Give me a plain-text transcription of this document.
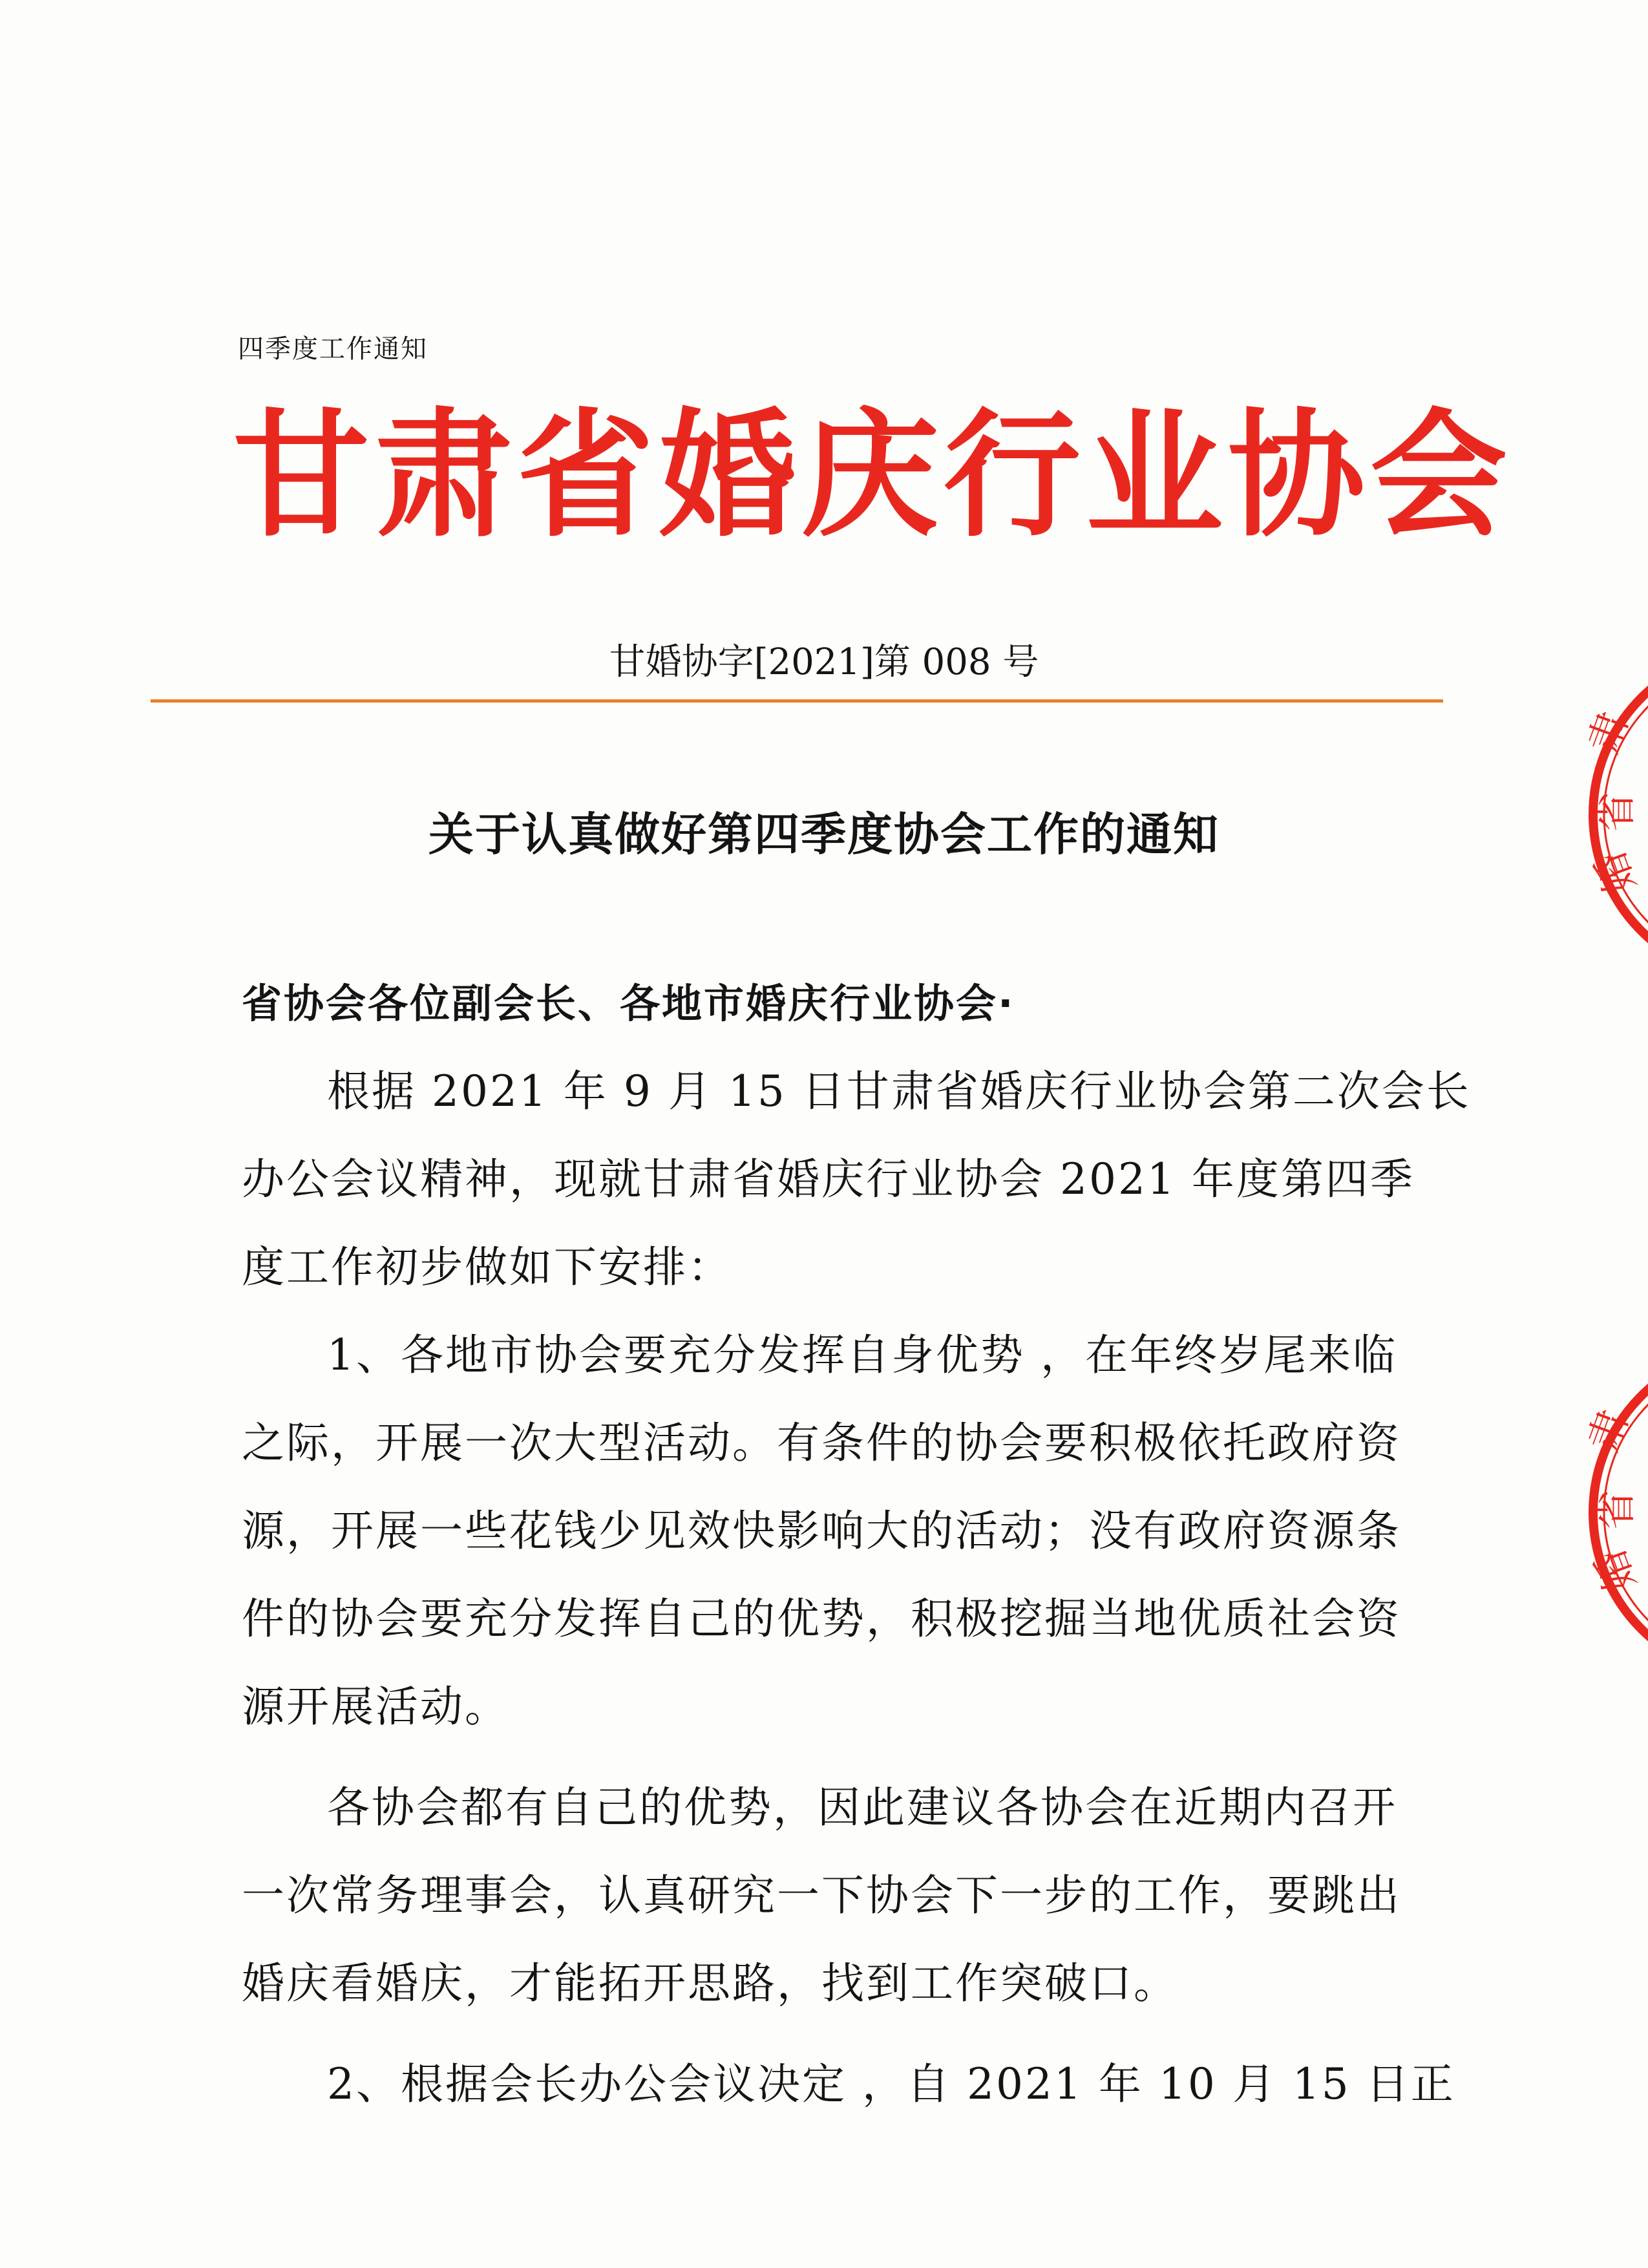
四季度工作通知
甘肃省婚庆行业协会
甘婚协字[2021]第 008 号
关于认真做好第四季度协会工作的通知
省协会各位副会长、各地市婚庆行业协会·
根据 2021 年 9 月 15 日甘肃省婚庆行业协会第二次会长
办公会议精神，现就甘肃省婚庆行业协会 2021 年度第四季
度工作初步做如下安排：
1、各地市协会要充分发挥自身优势 ，在年终岁尾来临
之际，开展一次大型活动。有条件的协会要积极依托政府资
源，开展一些花钱少见效快影响大的活动；没有政府资源条
件的协会要充分发挥自己的优势，积极挖掘当地优质社会资
源开展活动。
各协会都有自己的优势，因此建议各协会在近期内召开
一次常务理事会，认真研究一下协会下一步的工作，要跳出
婚庆看婚庆，才能拓开思路，找到工作突破口。
2、根据会长办公会议决定 ，自 2021 年 10 月 15 日正
肃
省
婚
肃
省
婚
